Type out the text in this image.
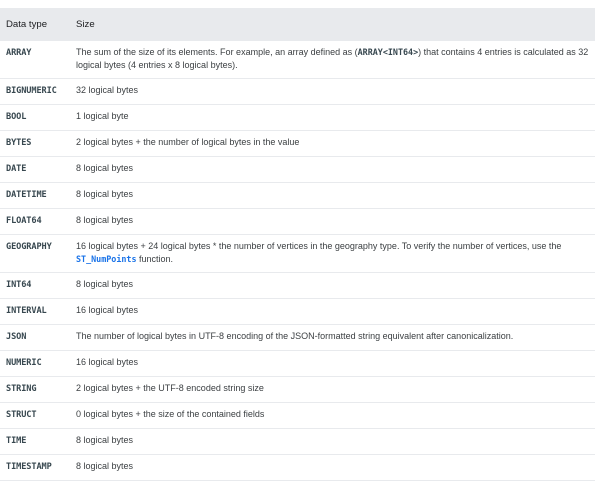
Data type	Size
ARRAY	The sum of the size of its elements. For example, an array defined as (ARRAY<INT64>) that contains 4 entries is calculated as 32 logical bytes (4 entries x 8 logical bytes).
BIGNUMERIC	32 logical bytes
BOOL	1 logical byte
BYTES	2 logical bytes + the number of logical bytes in the value
DATE	8 logical bytes
DATETIME	8 logical bytes
FLOAT64	8 logical bytes
GEOGRAPHY	16 logical bytes + 24 logical bytes * the number of vertices in the geography type. To verify the number of vertices, use the ST_NumPoints function.
INT64	8 logical bytes
INTERVAL	16 logical bytes
JSON	The number of logical bytes in UTF-8 encoding of the JSON-formatted string equivalent after canonicalization.
NUMERIC	16 logical bytes
STRING	2 logical bytes + the UTF-8 encoded string size
STRUCT	0 logical bytes + the size of the contained fields
TIME	8 logical bytes
TIMESTAMP	8 logical bytes
